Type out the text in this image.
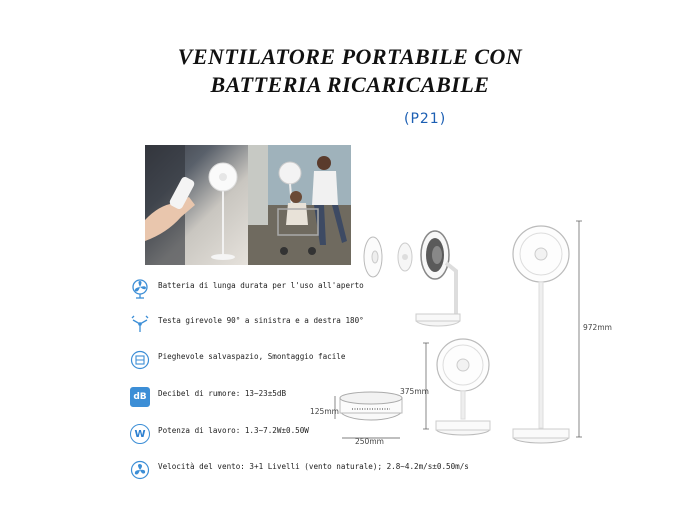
VENTILATORE PORTABILE CON
BATTERIA RICARICABILE
(P21)
Batteria di lunga durata per l'uso all'aperto
Testa girevole 90° a sinistra e a destra 180°
Pieghevole salvaspazio, Smontaggio facile
dB	Decibel di rumore: 13~23±5dB
W	Potenza di lavoro: 1.3~7.2W±0.50W
Velocità del vento: 3+1 Livelli (vento naturale); 2.8~4.2m/s±0.50m/s
972mm
375mm
125mm
250mm
